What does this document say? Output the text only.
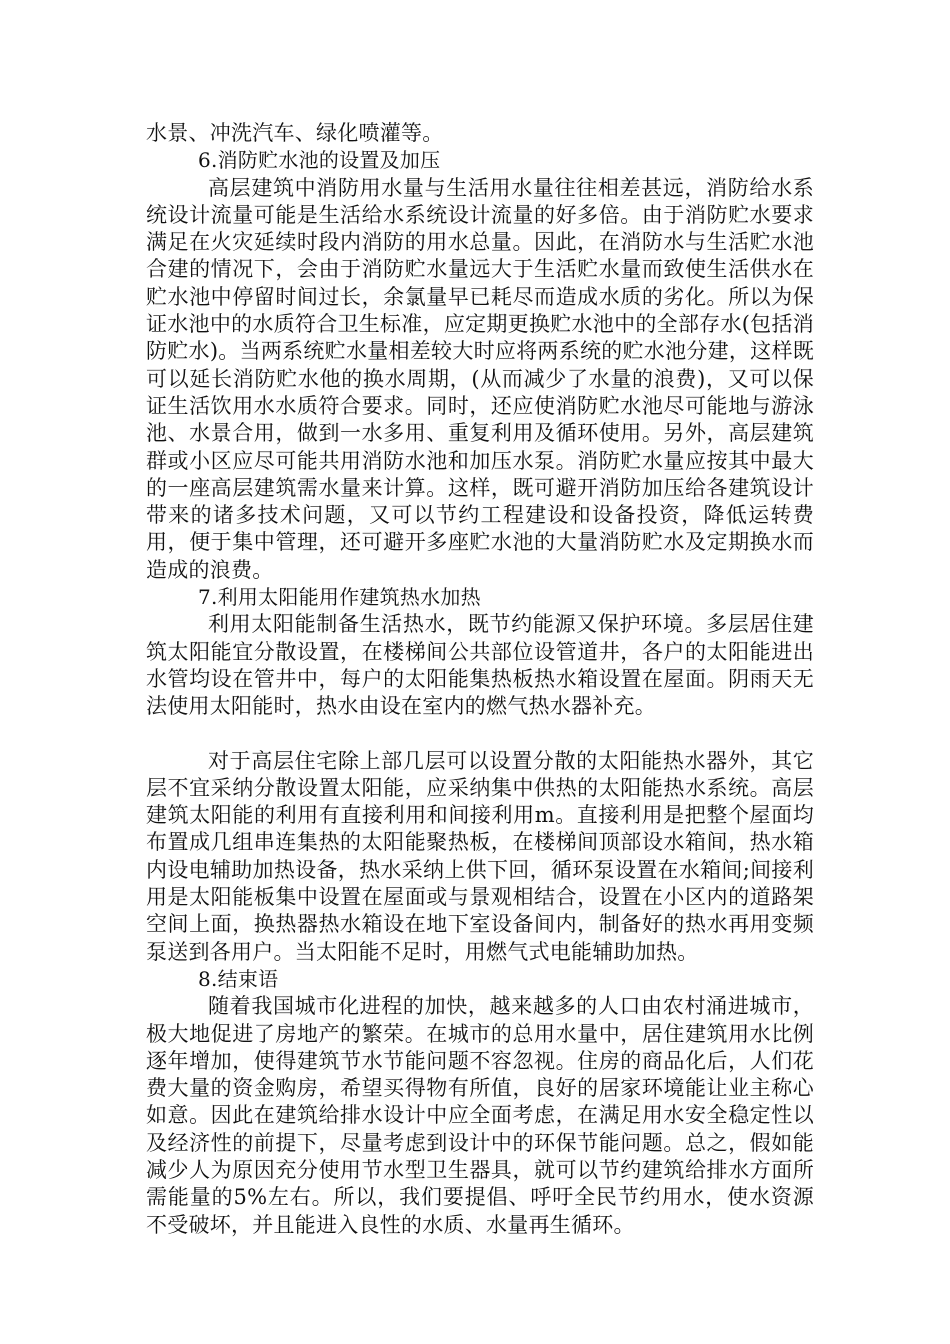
水景、冲洗汽车、绿化喷灌等。

6.消防贮水池的设置及加压

高层建筑中消防用水量与生活用水量往往相差甚远，消防给水系统设计流量可能是生活给水系统设计流量的好多倍。由于消防贮水要求满足在火灾延续时段内消防的用水总量。因此，在消防水与生活贮水池合建的情况下，会由于消防贮水量远大于生活贮水量而致使生活供水在贮水池中停留时间过长，余氯量早已耗尽而造成水质的劣化。所以为保证水池中的水质符合卫生标准，应定期更换贮水池中的全部存水(包括消防贮水)。当两系统贮水量相差较大时应将两系统的贮水池分建，这样既可以延长消防贮水他的换水周期，(从而减少了水量的浪费)，又可以保证生活饮用水水质符合要求。同时，还应使消防贮水池尽可能地与游泳池、水景合用，做到一水多用、重复利用及循环使用。另外，高层建筑群或小区应尽可能共用消防水池和加压水泵。消防贮水量应按其中最大的一座高层建筑需水量来计算。这样，既可避开消防加压给各建筑设计带来的诸多技术问题，又可以节约工程建设和设备投资，降低运转费用，便于集中管理，还可避开多座贮水池的大量消防贮水及定期换水而造成的浪费。

7.利用太阳能用作建筑热水加热

利用太阳能制备生活热水，既节约能源又保护环境。多层居住建筑太阳能宜分散设置，在楼梯间公共部位设管道井，各户的太阳能进出水管均设在管井中，每户的太阳能集热板热水箱设置在屋面。阴雨天无法使用太阳能时，热水由设在室内的燃气热水器补充。

对于高层住宅除上部几层可以设置分散的太阳能热水器外，其它层不宜采纳分散设置太阳能，应采纳集中供热的太阳能热水系统。高层建筑太阳能的利用有直接利用和间接利用m。直接利用是把整个屋面均布置成几组串连集热的太阳能聚热板，在楼梯间顶部设水箱间，热水箱内设电辅助加热设备，热水采纳上供下回，循环泵设置在水箱间;间接利用是太阳能板集中设置在屋面或与景观相结合，设置在小区内的道路架空间上面，换热器热水箱设在地下室设备间内，制备好的热水再用变频泵送到各用户。当太阳能不足时，用燃气式电能辅助加热。

8.结束语

随着我国城市化进程的加快，越来越多的人口由农村涌进城市，极大地促进了房地产的繁荣。在城市的总用水量中，居住建筑用水比例逐年增加，使得建筑节水节能问题不容忽视。住房的商品化后，人们花费大量的资金购房，希望买得物有所值，良好的居家环境能让业主称心如意。因此在建筑给排水设计中应全面考虑，在满足用水安全稳定性以及经济性的前提下，尽量考虑到设计中的环保节能问题。总之，假如能减少人为原因充分使用节水型卫生器具，就可以节约建筑给排水方面所需能量的5%左右。所以，我们要提倡、呼吁全民节约用水，使水资源不受破坏，并且能进入良性的水质、水量再生循环。
